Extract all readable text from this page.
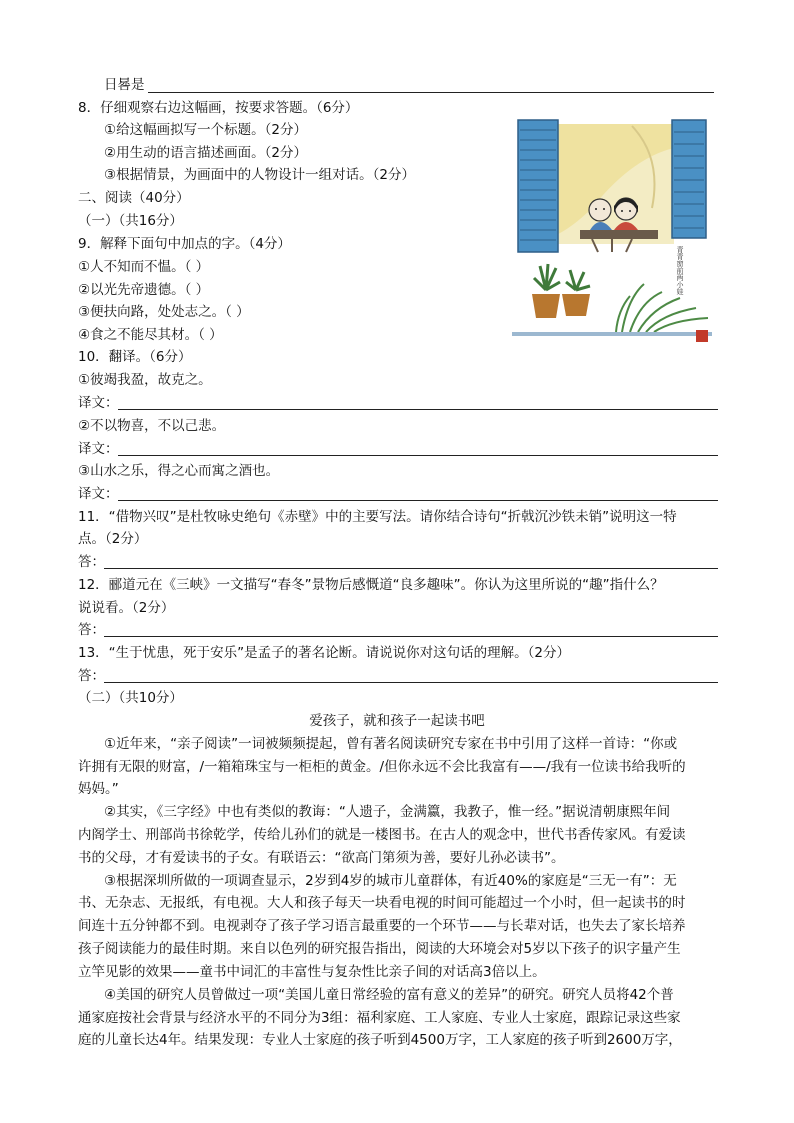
日晷是
8．仔细观察右边这幅画，按要求答题。（6分）
①给这幅画拟写一个标题。（2分）
②用生动的语言描述画面。（2分）
③根据情景，为画面中的人物设计一组对话。（2分）
二、阅读（40分）
（一）（共16分）
9．解释下面句中加点的字。（4分）
①人不知而不愠。（ ）
②以光先帝遗德。（ ）
③便扶向路，处处志之。（ ）
④食之不能尽其材。（ ）
10．翻译。（6分）
①彼竭我盈，故克之。
译文：
②不以物喜，不以己悲。
译文：
③山水之乐，得之心而寓之酒也。
译文：
11．“借物兴叹”是杜牧咏史绝句《赤壁》中的主要写法。请你结合诗句“折戟沉沙铁未销”说明这一特
点。（2分）
答：
12．郦道元在《三峡》一文描写“春冬”景物后感慨道“良多趣味”。你认为这里所说的“趣”指什么？
说说看。（2分）
答：
13．“生于忧患，死于安乐”是孟子的著名论断。请说说你对这句话的理解。（2分）
答：
（二）（共10分）
爱孩子，就和孩子一起读书吧
①近年来，“亲子阅读”一词被频频提起，曾有著名阅读研究专家在书中引用了这样一首诗：“你或
许拥有无限的财富，/一箱箱珠宝与一柜柜的黄金。/但你永远不会比我富有——/我有一位读书给我听的
妈妈。”
②其实，《三字经》中也有类似的教诲：“人遗子，金满籝，我教子，惟一经。”据说清朝康熙年间
内阁学士、刑部尚书徐乾学，传给儿孙们的就是一楼图书。在古人的观念中，世代书香传家风。有爱读
书的父母，才有爱读书的子女。有联语云：“欲高门第须为善，要好儿孙必读书”。
③根据深圳所做的一项调查显示，2岁到4岁的城市儿童群体，有近40%的家庭是“三无一有”：无
书、无杂志、无报纸，有电视。大人和孩子每天一块看电视的时间可能超过一个小时，但一起读书的时
间连十五分钟都不到。电视剥夺了孩子学习语言最重要的一个环节——与长辈对话，也失去了家长培养
孩子阅读能力的最佳时期。来自以色列的研究报告指出，阅读的大环境会对5岁以下孩子的识字量产生
立竿见影的效果——童书中词汇的丰富性与复杂性比亲子间的对话高3倍以上。
④美国的研究人员曾做过一项“美国儿童日常经验的富有意义的差异”的研究。研究人员将42个普
通家庭按社会背景与经济水平的不同分为3组：福利家庭、工人家庭、专业人士家庭，跟踪记录这些家
庭的儿童长达4年。结果发现：专业人士家庭的孩子听到4500万字，工人家庭的孩子听到2600万字，
青青窗前两小娃
